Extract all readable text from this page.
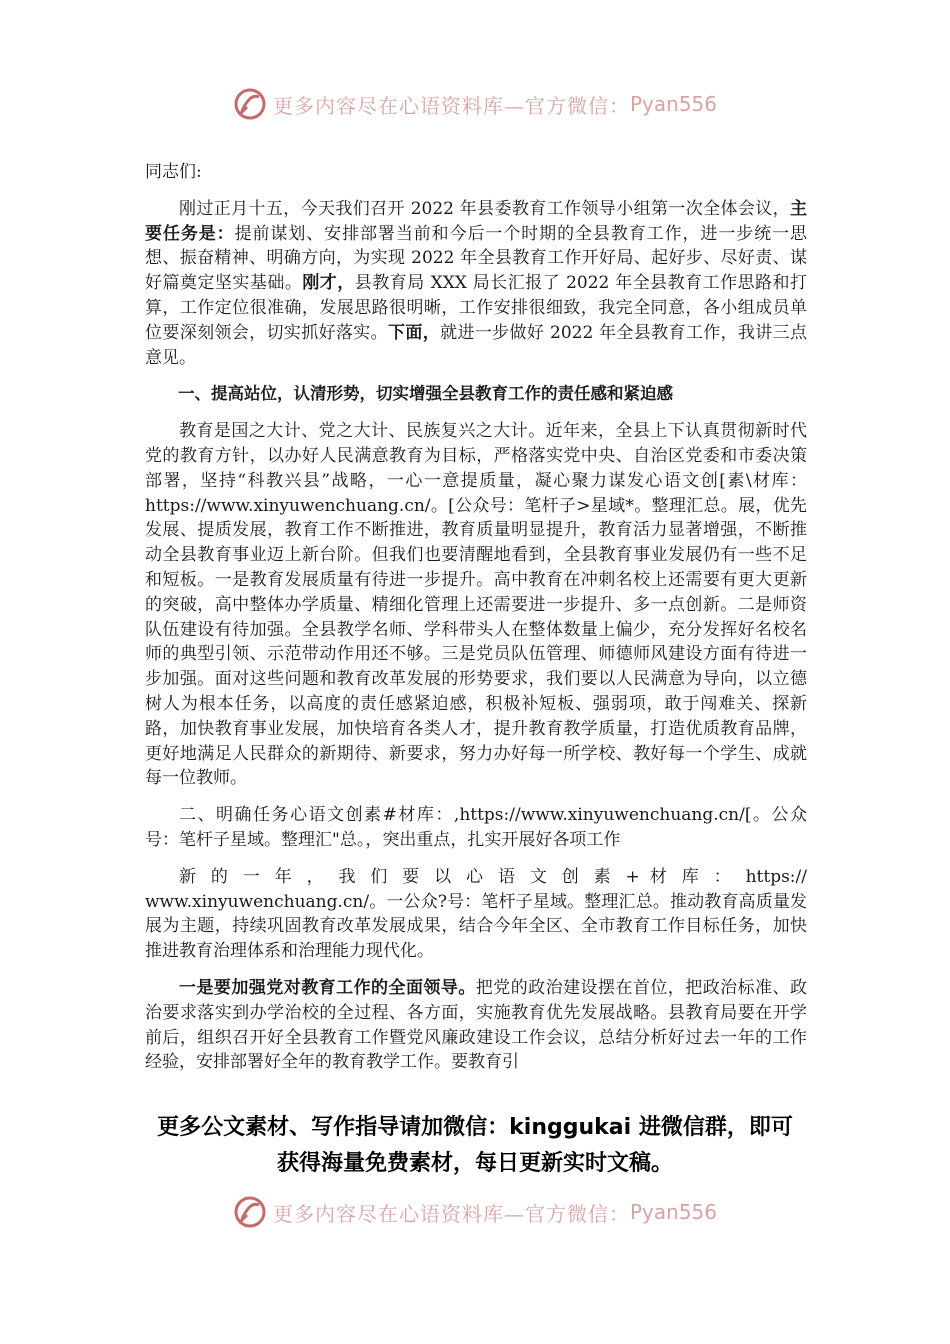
更多内容尽在心语资料库—官方微信： Pyan556

同志们:

刚过正月十五，今天我们召开 2022 年县委教育工作领导小组第一次全体会议，主要任务是：提前谋划、安排部署当前和今后一个时期的全县教育工作，进一步统一思想、振奋精神、明确方向，为实现 2022 年全县教育工作开好局、起好步、尽好责、谋好篇奠定坚实基础。刚才，县教育局 XXX 局长汇报了 2022 年全县教育工作思路和打算，工作定位很准确，发展思路很明晰，工作安排很细致，我完全同意，各小组成员单位要深刻领会，切实抓好落实。下面，就进一步做好 2022 年全县教育工作，我讲三点意见。

一、提高站位，认清形势，切实增强全县教育工作的责任感和紧迫感

教育是国之大计、党之大计、民族复兴之大计。近年来，全县上下认真贯彻新时代党的教育方针，以办好人民满意教育为目标，严格落实党中央、自治区党委和市委决策部署，坚持“科教兴县”战略，一心一意提质量，凝心聚力谋发心语文创[素\材库：https://www.xinyuwenchuang.cn/。[公众号：笔杆子>星域*。整理汇总。展，优先发展、提质发展，教育工作不断推进，教育质量明显提升，教育活力显著增强，不断推动全县教育事业迈上新台阶。但我们也要清醒地看到，全县教育事业发展仍有一些不足和短板。一是教育发展质量有待进一步提升。高中教育在冲刺名校上还需要有更大更新的突破，高中整体办学质量、精细化管理上还需要进一步提升、多一点创新。二是师资队伍建设有待加强。全县教学名师、学科带头人在整体数量上偏少，充分发挥好名校名师的典型引领、示范带动作用还不够。三是党员队伍管理、师德师风建设方面有待进一步加强。面对这些问题和教育改革发展的形势要求，我们要以人民满意为导向，以立德树人为根本任务，以高度的责任感紧迫感，积极补短板、强弱项，敢于闯难关、探新路，加快教育事业发展，加快培育各类人才，提升教育教学质量，打造优质教育品牌，更好地满足人民群众的新期待、新要求，努力办好每一所学校、教好每一个学生、成就每一位教师。

二、明确任务心语文创素#材库：,https://www.xinyuwenchuang.cn/[。公众号：笔杆子星域。整理汇"总。，突出重点，扎实开展好各项工作

新 的 一 年 ， 我 们 要 以 心 语 文 创 素 + 材 库 ： https://

www.xinyuwenchuang.cn/。一公众?号：笔杆子星域。整理汇总。推动教育高质量发展为主题，持续巩固教育改革发展成果，结合今年全区、全市教育工作目标任务，加快推进教育治理体系和治理能力现代化。

一是要加强党对教育工作的全面领导。把党的政治建设摆在首位，把政治标准、政治要求落实到办学治校的全过程、各方面，实施教育优先发展战略。县教育局要在开学前后，组织召开好全县教育工作暨党风廉政建设工作会议，总结分析好过去一年的工作经验，安排部署好全年的教育教学工作。要教育引

更多公文素材、写作指导请加微信：kinggukai 进微信群，即可
获得海量免费素材，每日更新实时文稿。
更多内容尽在心语资料库—官方微信： Pyan556
